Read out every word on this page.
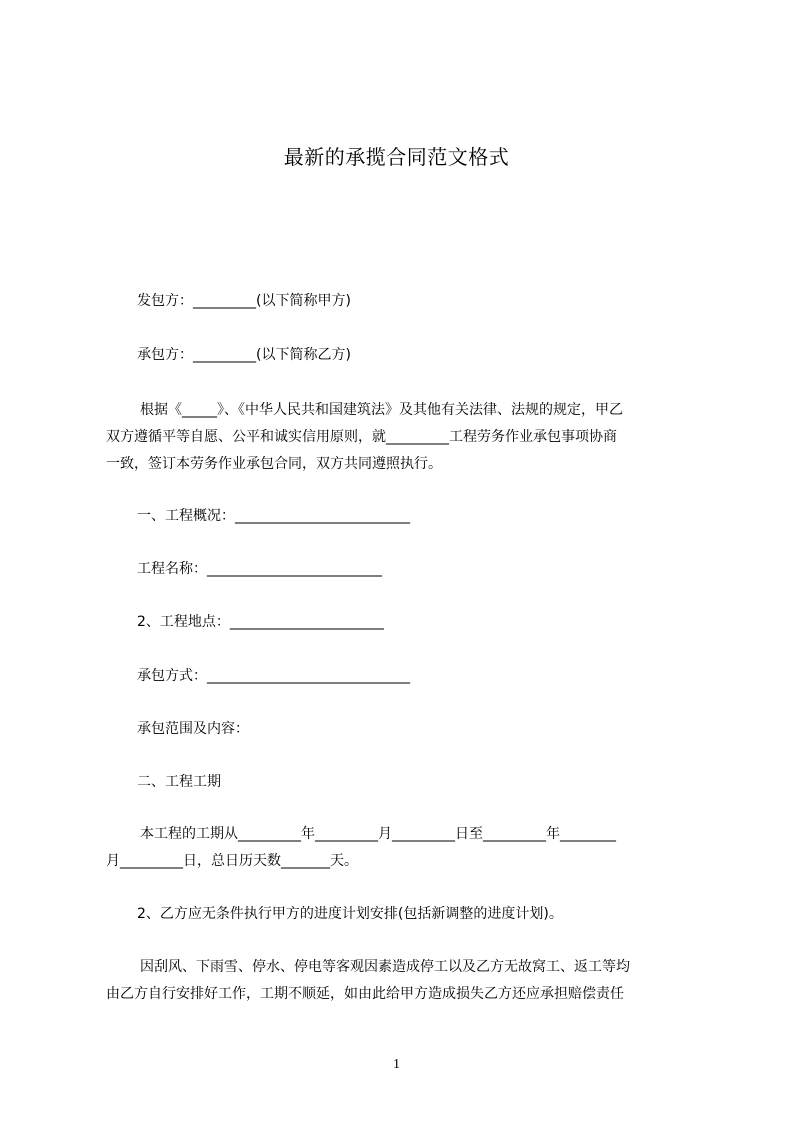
最新的承揽合同范文格式
发包方：_________(以下简称甲方)
承包方：_________(以下简称乙方)
根据《_____》、《中华人民共和国建筑法》及其他有关法律、法规的规定，甲乙
双方遵循平等自愿、公平和诚实信用原则，就_________工程劳务作业承包事项协商
一致，签订本劳务作业承包合同，双方共同遵照执行。
一、工程概况：_________________________
工程名称：_________________________
2、工程地点：______________________
承包方式：_____________________________
承包范围及内容：
二、工程工期
本工程的工期从_________年_________月_________日至_________年________
月_________日，总日历天数_______天。
2、乙方应无条件执行甲方的进度计划安排(包括新调整的进度计划)。
因刮风、下雨雪、停水、停电等客观因素造成停工以及乙方无故窝工、返工等均
由乙方自行安排好工作，工期不顺延，如由此给甲方造成损失乙方还应承担赔偿责任
1
